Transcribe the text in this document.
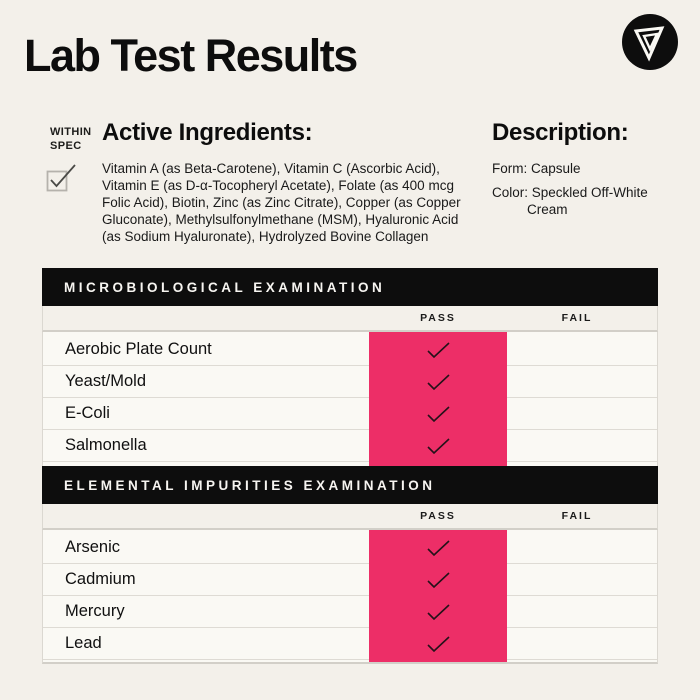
Lab Test Results
WITHIN
SPEC Active Ingredients:

Vitamin A (as Beta-Carotene), Vitamin C (Ascorbic Acid), Vitamin E (as D-α-Tocopheryl Acetate), Folate (as 400 mcg Folic Acid), Biotin, Zinc (as Zinc Citrate), Copper (as Copper Gluconate), Methylsulfonylmethane (MSM), Hyaluronic Acid (as Sodium Hyaluronate), Hydrolyzed Bovine Collagen

Description:
Form: Capsule
Color: Speckled Off-White Cream
MICROBIOLOGICAL EXAMINATION
PASS	FAIL
Aerobic Plate Count
Yeast/Mold
E-Coli
Salmonella
ELEMENTAL IMPURITIES EXAMINATION
PASS	FAIL
Arsenic
Cadmium
Mercury
Lead
